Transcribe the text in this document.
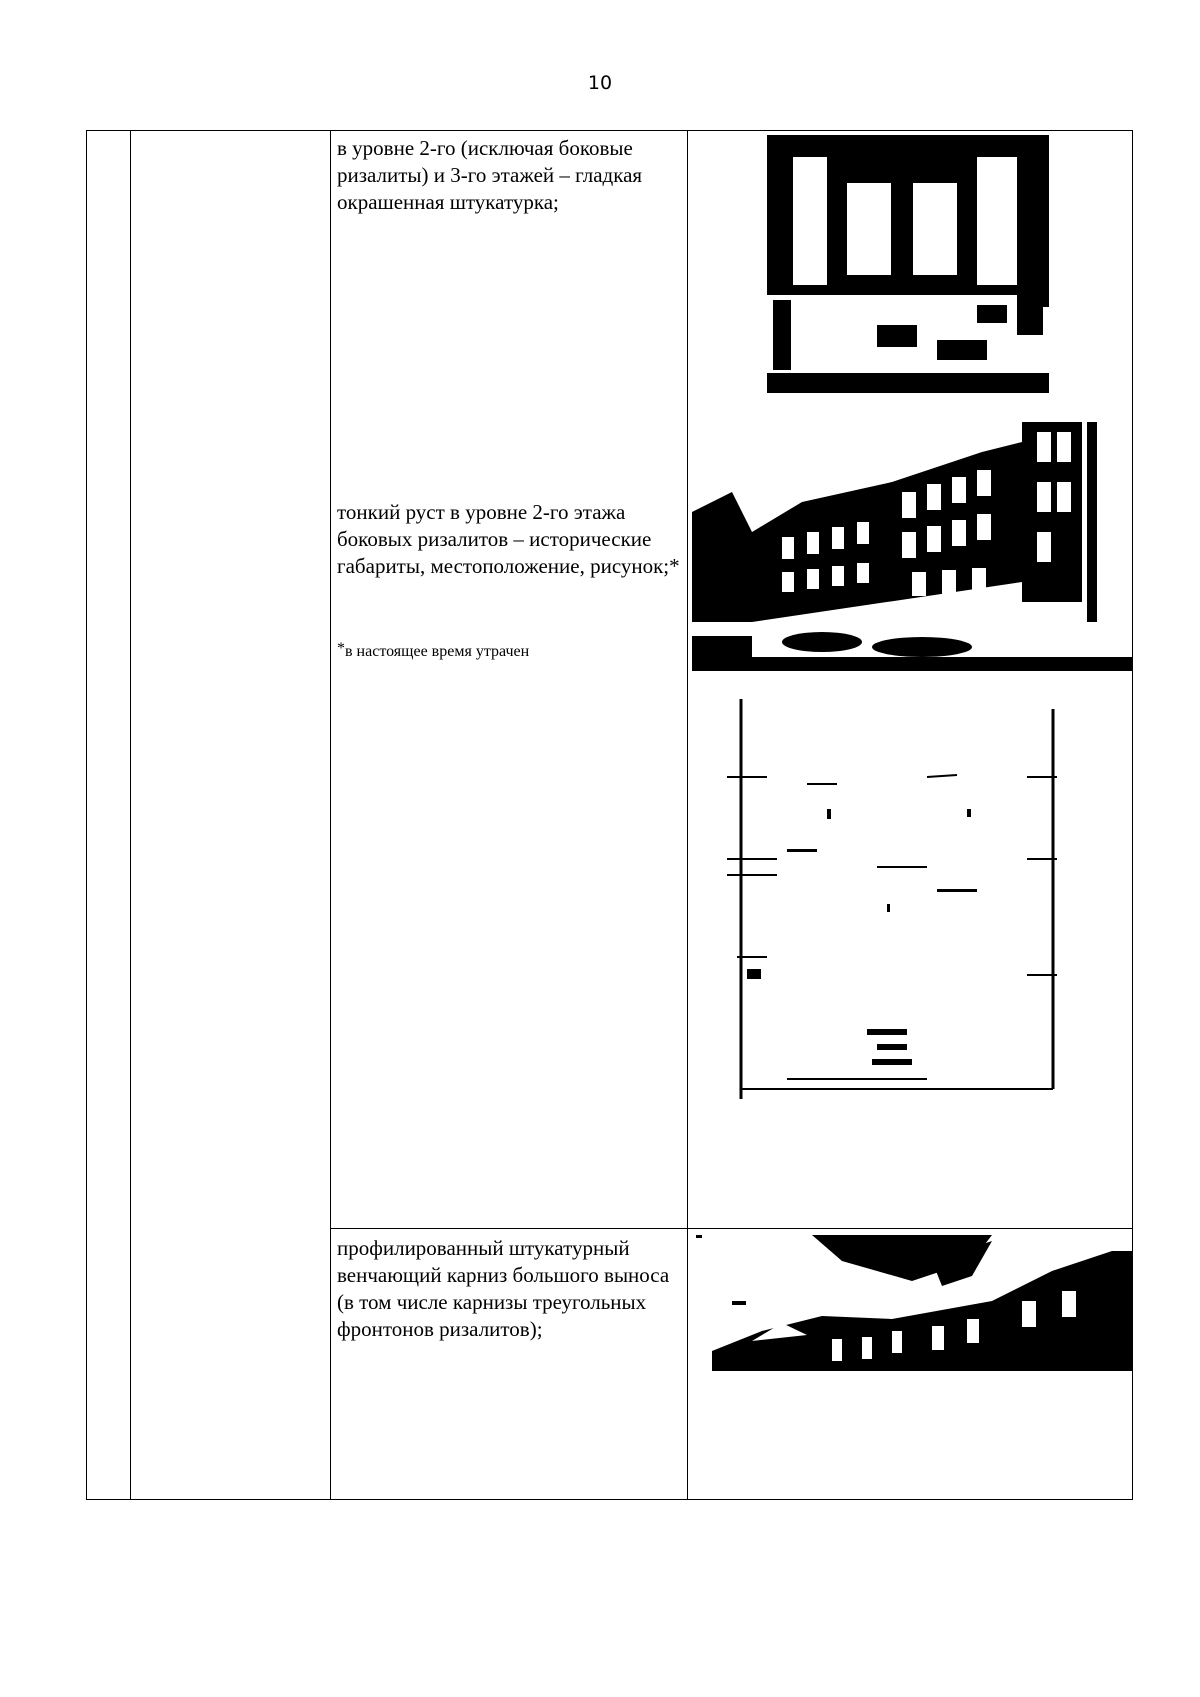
10
в уровне 2-го (исключая боковые ризалиты) и 3-го этажей – гладкая окрашенная штукатурка;
тонкий руст в уровне 2-го этажа боковых ризалитов – исторические габариты, местоположение, рисунок;*
*в настоящее время утрачен
профилированный штукатурный венчающий карниз большого выноса (в том числе карнизы треугольных фронтонов ризалитов);
